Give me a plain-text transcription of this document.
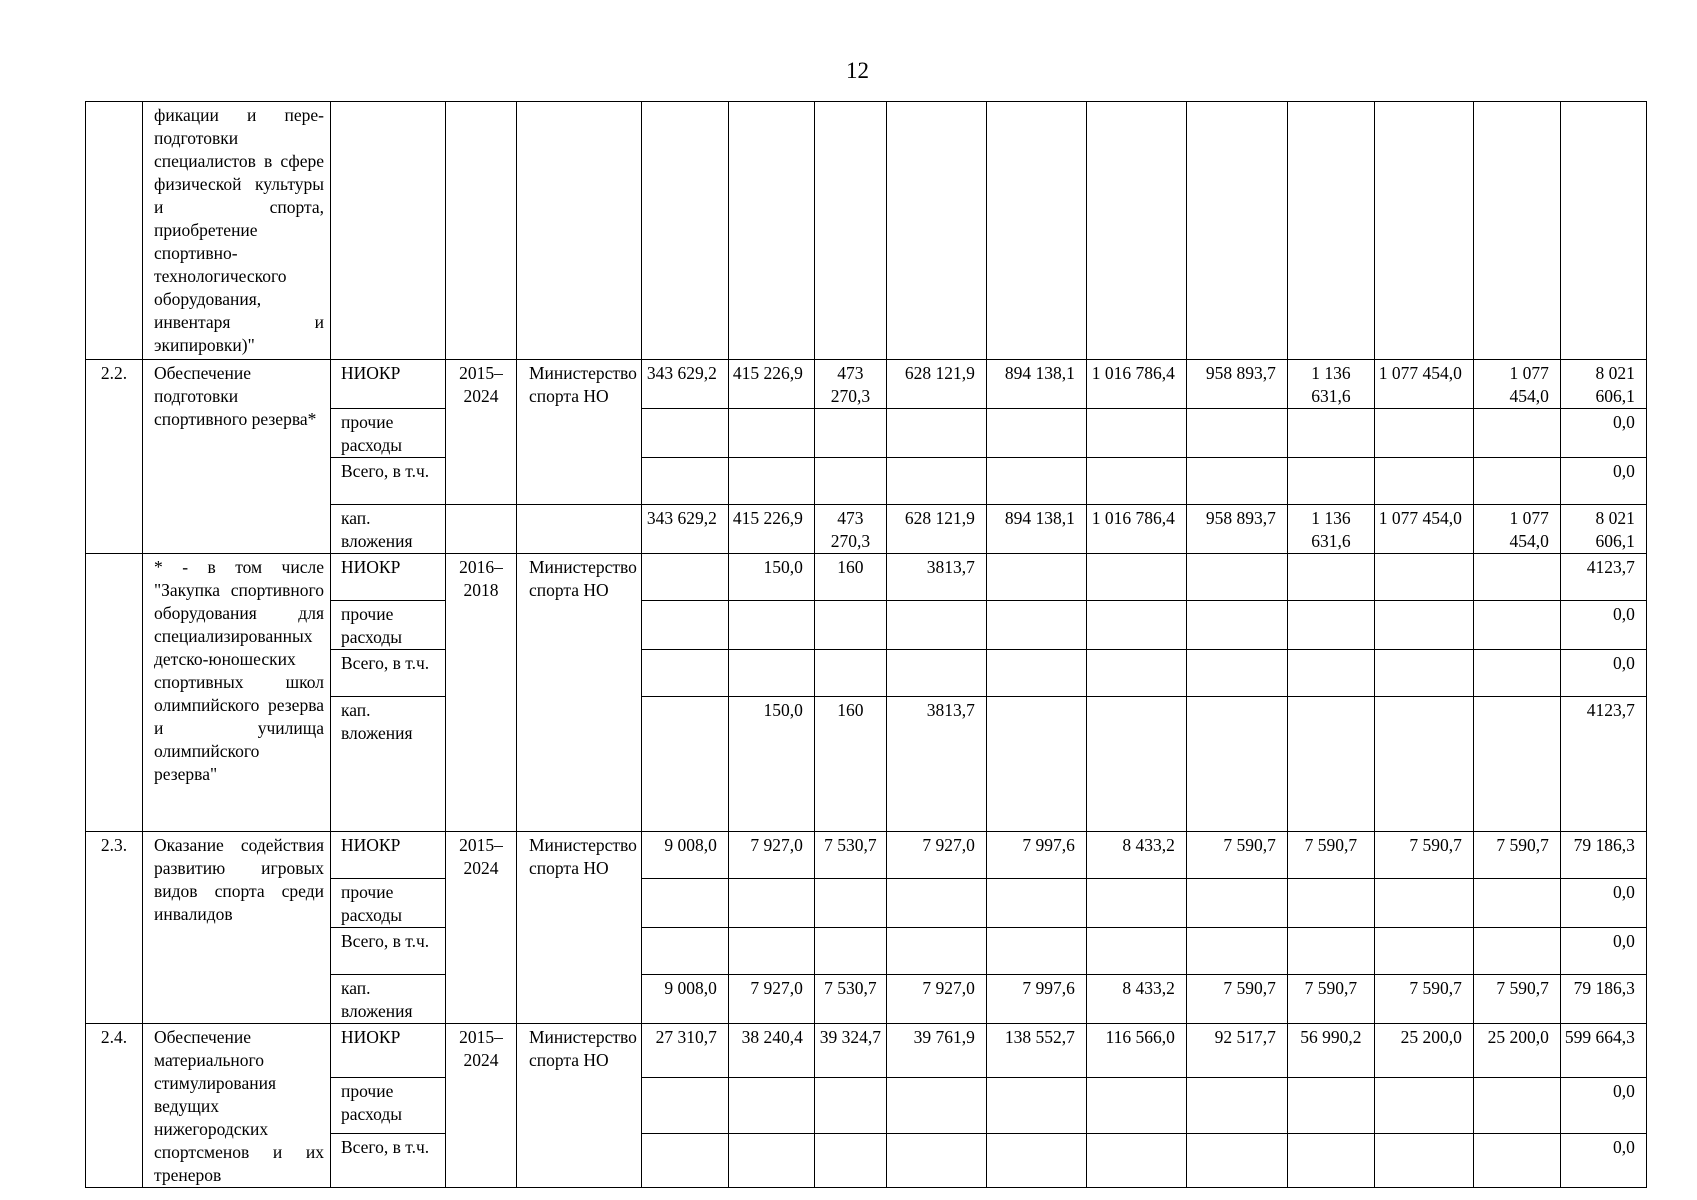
12
	фикации и пере-подготовки специалистов в сфере физической культуры и спорта, приобретение спортивно-технологического оборудования, инвентаря и экипировки)"														
2.2.	Обеспечение подготовки спортивного резерва*	НИОКР	2015–2024	Министерство спорта НО	343 629,2	415 226,9	473 270,3	628 121,9	894 138,1	1 016 786,4	958 893,7	1 136 631,6	1 077 454,0	1 077 454,0	8 021 606,1
		прочие расходы													0,0
		Всего, в т.ч.													0,0
		кап. вложения			343 629,2	415 226,9	473 270,3	628 121,9	894 138,1	1 016 786,4	958 893,7	1 136 631,6	1 077 454,0	1 077 454,0	8 021 606,1
	* - в том числе "Закупка спортивного оборудования для специализированных детско-юношеских спортивных школ олимпийского резерва и училища олимпийского резерва"	НИОКР	2016–2018	Министерство спорта НО		150,0	160	3813,7							4123,7
		прочие расходы													0,0
		Всего, в т.ч.													0,0
		кап. вложения				150,0	160	3813,7							4123,7
2.3.	Оказание содействия развитию игровых видов спорта среди инвалидов	НИОКР	2015–2024	Министерство спорта НО	9 008,0	7 927,0	7 530,7	7 927,0	7 997,6	8 433,2	7 590,7	7 590,7	7 590,7	7 590,7	79 186,3
		прочие расходы													0,0
		Всего, в т.ч.													0,0
		кап. вложения			9 008,0	7 927,0	7 530,7	7 927,0	7 997,6	8 433,2	7 590,7	7 590,7	7 590,7	7 590,7	79 186,3
2.4.	Обеспечение материального стимулирования ведущих нижегородских спортсменов и их тренеров	НИОКР	2015–2024	Министерство спорта НО	27 310,7	38 240,4	39 324,7	39 761,9	138 552,7	116 566,0	92 517,7	56 990,2	25 200,0	25 200,0	599 664,3
		прочие расходы													0,0
		Всего, в т.ч.													0,0
